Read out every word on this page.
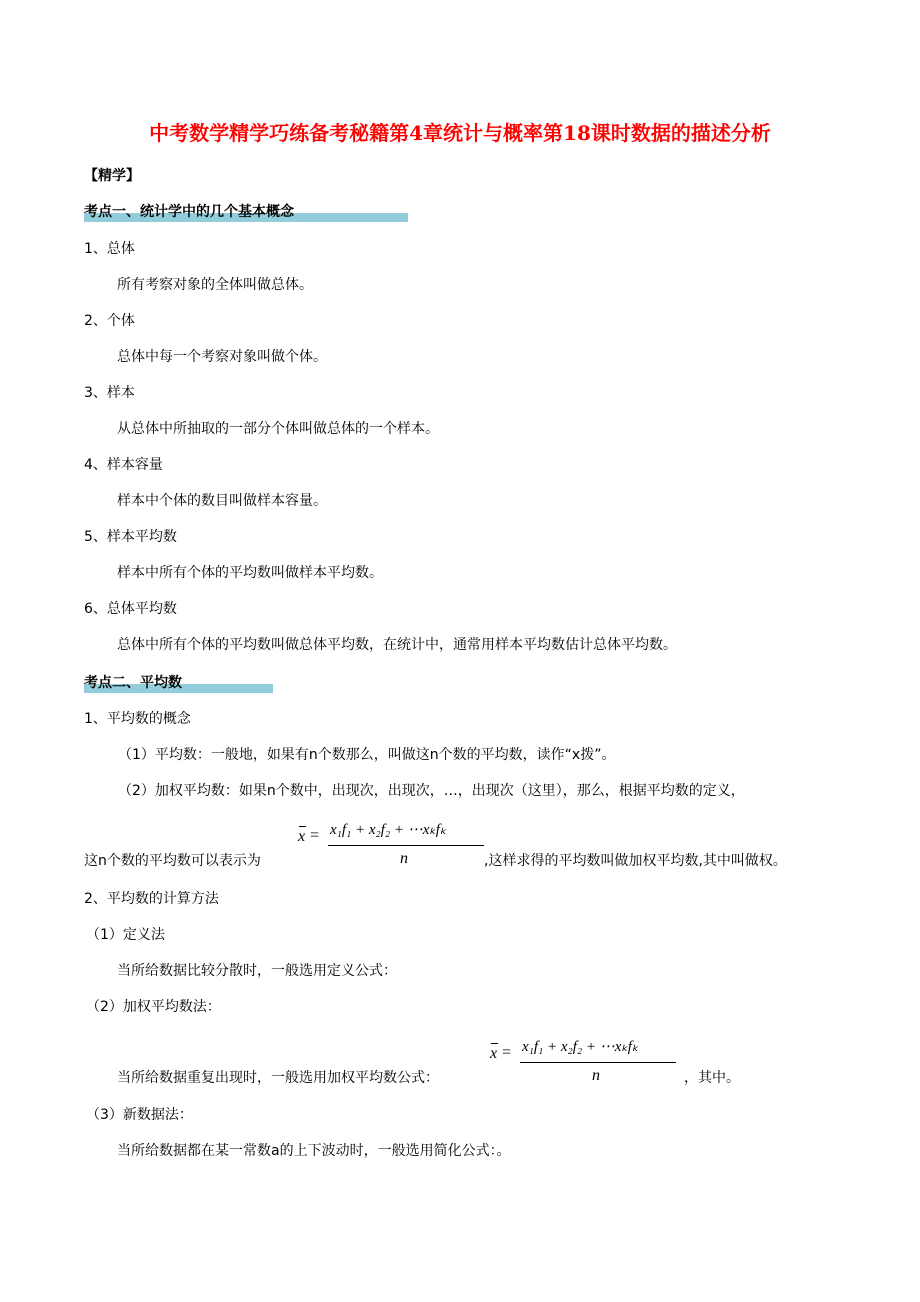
中考数学精学巧练备考秘籍第4章统计与概率第18课时数据的描述分析
【精学】
考点一、统计学中的几个基本概念
1、总体
所有考察对象的全体叫做总体。
2、个体
总体中每一个考察对象叫做个体。
3、样本
从总体中所抽取的一部分个体叫做总体的一个样本。
4、样本容量
样本中个体的数目叫做样本容量。
5、样本平均数
样本中所有个体的平均数叫做样本平均数。
6、总体平均数
总体中所有个体的平均数叫做总体平均数，在统计中，通常用样本平均数估计总体平均数。
考点二、平均数
1、平均数的概念
（1）平均数：一般地，如果有n个数那么，叫做这n个数的平均数，读作“x拨”。
（2）加权平均数：如果n个数中，出现次，出现次，…，出现次（这里），那么，根据平均数的定义，
x = x₁f₁ + x₂f₂ + ⋯xₖfₖ
n
这n个数的平均数可以表示为	,这样求得的平均数叫做加权平均数,其中叫做权。
2、平均数的计算方法
（1）定义法
当所给数据比较分散时，一般选用定义公式：
（2）加权平均数法：
x = x₁f₁ + x₂f₂ + ⋯xₖfₖ
n
当所给数据重复出现时，一般选用加权平均数公式：	，其中。
（3）新数据法：
当所给数据都在某一常数a的上下波动时，一般选用简化公式：。
